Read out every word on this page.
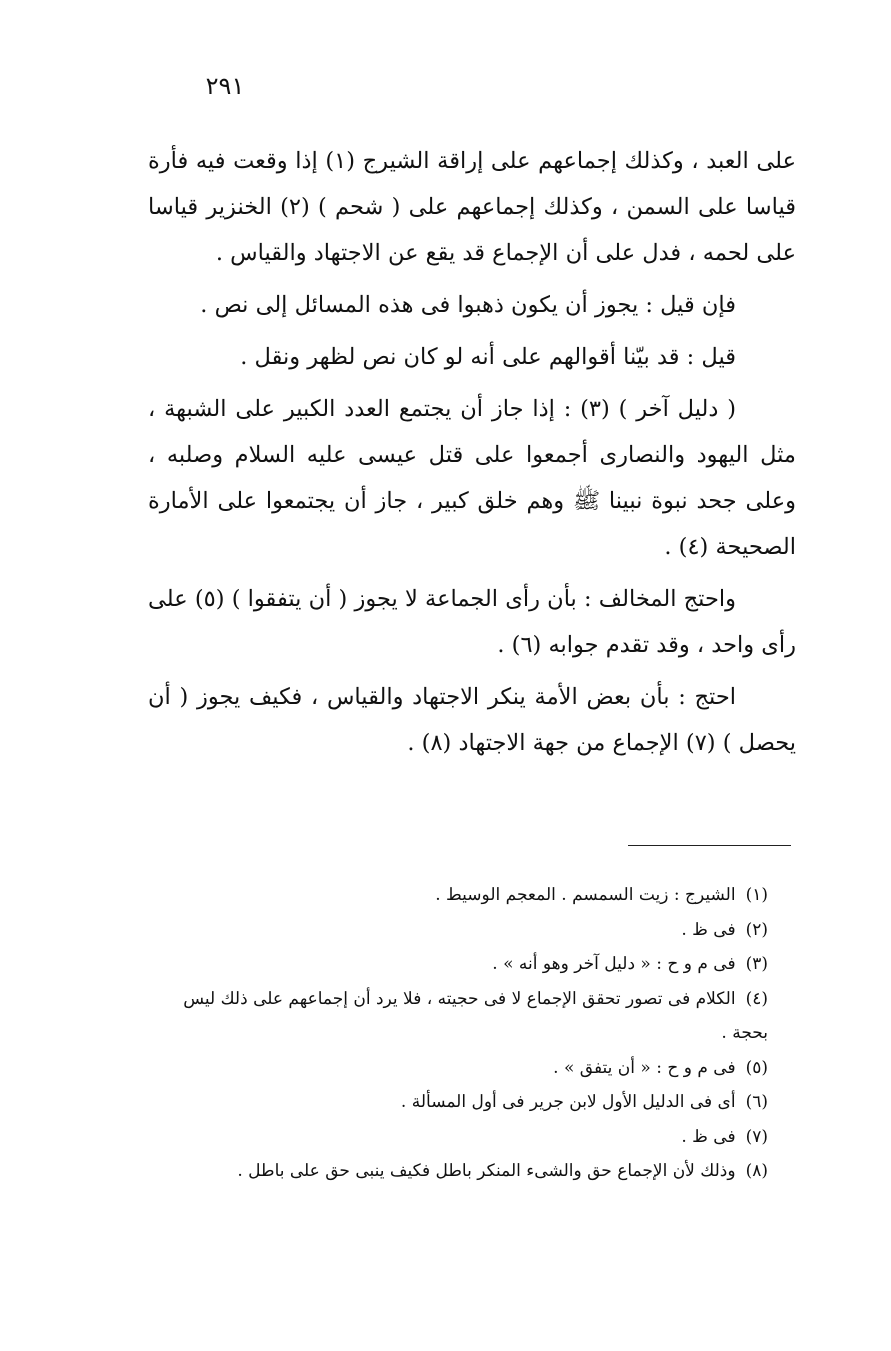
٢٩١

على العبد ، وكذلك إجماعهم على إراقة الشيرج (١) إذا وقعت فيه فأرة قياسا على السمن ، وكذلك إجماعهم على ( شحم ) (٢) الخنزير قياسا على لحمه ، فدل على أن الإجماع قد يقع عن الاجتهاد والقياس .

فإن قيل : يجوز أن يكون ذهبوا فى هذه المسائل إلى نص .

قيل : قد بيّنا أقوالهم على أنه لو كان نص لظهر ونقل .

( دليل آخر ) (٣) : إذا جاز أن يجتمع العدد الكبير على الشبهة ، مثل اليهود والنصارى أجمعوا على قتل عيسى عليه السلام وصلبه ، وعلى جحد نبوة نبينا ﷺ وهم خلق كبير ، جاز أن يجتمعوا على الأمارة الصحيحة (٤) .

واحتج المخالف : بأن رأى الجماعة لا يجوز ( أن يتفقوا ) (٥) على رأى واحد ، وقد تقدم جوابه (٦) .

احتج : بأن بعض الأمة ينكر الاجتهاد والقياس ، فكيف يجوز ( أن يحصل ) (٧) الإجماع من جهة الاجتهاد (٨) .

(١)الشيرج : زيت السمسم . المعجم الوسيط .

(٢)فى ظ .

(٣)فى م و ح : « دليل آخر وهو أنه » .

(٤)الكلام فى تصور تحقق الإجماع لا فى حجيته ، فلا يرد أن إجماعهم على ذلك ليس بحجة .

(٥)فى م و ح : « أن يتفق » .

(٦)أى فى الدليل الأول لابن جرير فى أول المسألة .

(٧)فى ظ .

(٨)وذلك لأن الإجماع حق والشىء المنكر باطل فكيف ينبى حق على باطل .
